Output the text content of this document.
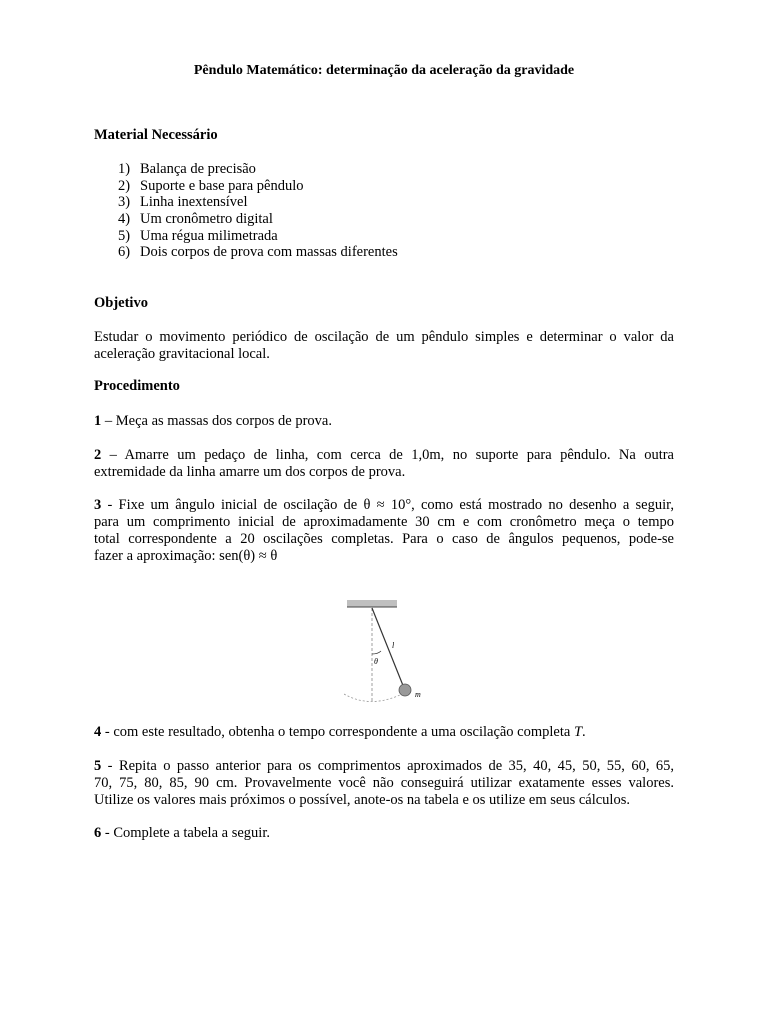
Pêndulo Matemático: determinação da aceleração da gravidade
Material Necessário
1) Balança de precisão
2) Suporte e base para pêndulo
3) Linha inextensível
4) Um cronômetro digital
5) Uma régua milimetrada
6) Dois corpos de prova com massas diferentes
Objetivo
Estudar o movimento periódico de oscilação de um pêndulo simples e determinar o valor da
aceleração gravitacional local.
Procedimento
1 – Meça as massas dos corpos de prova.
2 – Amarre um pedaço de linha, com cerca de 1,0m, no suporte para pêndulo. Na outra
extremidade da linha amarre um dos corpos de prova.
3 - Fixe um ângulo inicial de oscilação de θ ≈ 10°, como está mostrado no desenho a seguir,
para um comprimento inicial de aproximadamente 30 cm e com cronômetro meça o tempo
total correspondente a 20 oscilações completas. Para o caso de ângulos pequenos, pode-se
fazer a aproximação: sen(θ) ≈ θ
l
θ
m
4 - com este resultado, obtenha o tempo correspondente a uma oscilação completa T.
5 - Repita o passo anterior para os comprimentos aproximados de 35, 40, 45, 50, 55, 60, 65,
70, 75, 80, 85, 90 cm. Provavelmente você não conseguirá utilizar exatamente esses valores.
Utilize os valores mais próximos o possível, anote-os na tabela e os utilize em seus cálculos.
6 - Complete a tabela a seguir.
